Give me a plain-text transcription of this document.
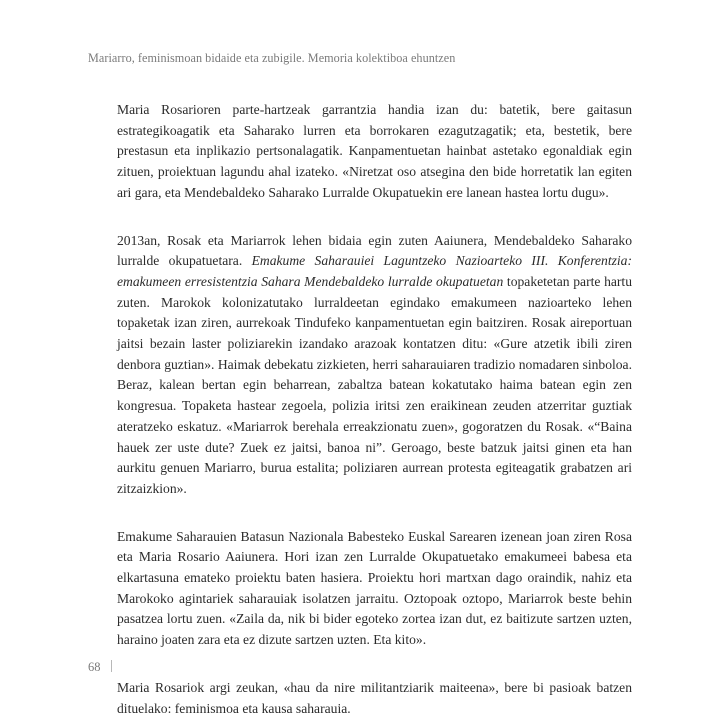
Mariarro, feminismoan bidaide eta zubigile. Memoria kolektiboa ehuntzen

Maria Rosarioren parte-hartzeak garrantzia handia izan du: batetik, bere gaitasun estrategikoagatik eta Saharako lurren eta borrokaren ezagutzagatik; eta, bestetik, bere prestasun eta inplikazio pertsonalagatik. Kanpamentuetan hainbat astetako egonaldiak egin zituen, proiektuan lagundu ahal izateko. «Niretzat oso atsegina den bide horretatik lan egiten ari gara, eta Mendebaldeko Saharako Lurralde Okupatuekin ere lanean hastea lortu dugu».

2013an, Rosak eta Mariarrok lehen bidaia egin zuten Aaiunera, Mendebaldeko Saharako lurralde okupatuetara. Emakume Saharauiei Laguntzeko Nazioarteko III. Konferentzia: emakumeen erresistentzia Sahara Mendebaldeko lurralde okupatuetan topaketetan parte hartu zuten. Marokok kolonizatutako lurraldeetan egindako emakumeen nazioarteko lehen topaketak izan ziren, aurrekoak Tindufeko kanpamentuetan egin baitziren. Rosak aireportuan jaitsi bezain laster poliziarekin izandako arazoak kontatzen ditu: «Gure atzetik ibili ziren denbora guztian». Haimak debekatu zizkieten, herri saharauiaren tradizio nomadaren sinboloa. Beraz, kalean bertan egin beharrean, zabaltza batean kokatutako haima batean egin zen kongresua. Topaketa hastear zegoela, polizia iritsi zen eraikinean zeuden atzerritar guztiak ateratzeko eskatuz. «Mariarrok berehala erreakzionatu zuen», gogoratzen du Rosak. «“Baina hauek zer uste dute? Zuek ez jaitsi, banoa ni”. Geroago, beste batzuk jaitsi ginen eta han aurkitu genuen Mariarro, burua estalita; poliziaren aurrean protesta egiteagatik grabatzen ari zitzaizkion».

Emakume Saharauien Batasun Nazionala Babesteko Euskal Sarearen izenean joan ziren Rosa eta Maria Rosario Aaiunera. Hori izan zen Lurralde Okupatuetako emakumeei babesa eta elkartasuna emateko proiektu baten hasiera. Proiektu hori martxan dago oraindik, nahiz eta Marokoko agintariek saharauiak isolatzen jarraitu. Oztopoak oztopo, Mariarrok beste behin pasatzea lortu zuen. «Zaila da, nik bi bider egoteko zortea izan dut, ez baitizute sartzen uzten, haraino joaten zara eta ez dizute sartzen uzten. Eta kito».

Maria Rosariok argi zeukan, «hau da nire militantziarik maiteena», bere bi pasioak batzen dituelako: feminismoa eta kausa saharauia.

68
